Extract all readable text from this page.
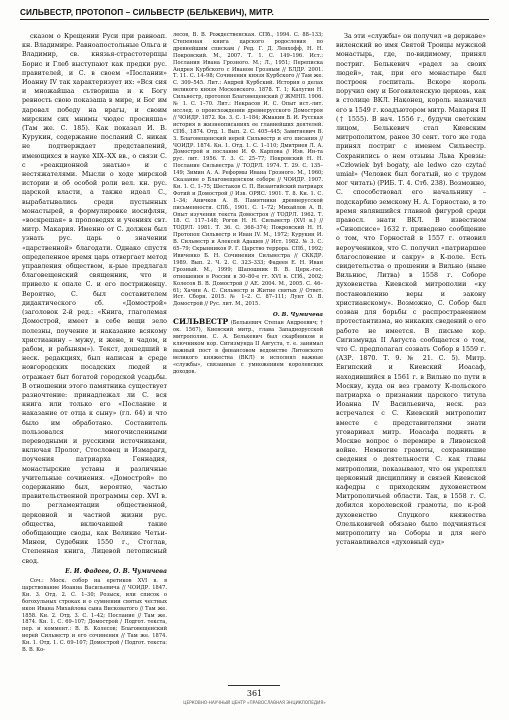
СИЛЬВЕСТР, ПРОТОПОП – СИЛЬВЕСТР (БЕЛЬКЕВИЧ), МИТР.

сказом о Крещении Руси при равноап. кн. Владимире. Равноапостольные Ольга и Владимир, св. князья-страстотерпцы Борис и Глеб выступают как предки рус. правителей, и С. в своем «Послании» Иоанну IV так характеризует их: «Вся сия и множайшаа сътвориша и к Богу ревность свою показаша в мире, и Бог им даровал победу на врагы, и своим мирским сих мнимы чюдес просияша» (Там же. С. 185). Как показал И. В. Курукин, содержание посланий С. никак не подтверждает представлений, имеющихся в науке XIX–XX вв., о связи С. с «реакционной знатью» и с нестяжателями. Мысли о ходе мирской истории и об особой роли вел. кн. рус. царской власти, а также идеал С., вырабатывались среди пустынных монастырей, в формулировке иосифлян, «воскрешая» в проповедях и учениях свт. митр. Макария. Именно от С. должен был узнать рус. царь о значении «царственной» благодати. Однако спустя определенное время царь отвергает метод управления обществом, к-рые предлагал благовещенский священник, что и привело к опале С. и его постриженцу. Вероятно, С. был составителем дидактического сб. «Домострой» (заголовок 2-й ред.: «Книга, глаголемая Домострой, имеет в себе вещи зело полезны, поучение и наказание всякому христианину – мужу, и жене, и чадом, и рабом, и рабыням»). Текст, дошедший в неск. редакциях, был написан в среде новгородских посадских людей и отражает быт богатой городской усадьбы. В отношении этого памятника существует разночтение: принадлежал ли С. вся книга или только его «Послание и наказание от отца к сыну» (гл. 64) и что было им обработано. Составитель пользовался многочисленными переводными и русскими источниками, включая Пролог, Стословец и Измарагд, поучения патриарха Геннадия, монастырские уставы и различные учительные сочинения. «Домострой» по содержанию был, вероятно, частью правительственной программы сер. XVI в. по регламентации общественной, церковной и частной жизни рус. общества, включавшей такие обобщающие своды, как Великие Четьи-Минеи, Судебник 1550 г., Стоглав, Степенная книга, Лицевой летописный свод.

Е. И. Фадеев, О. В. Чумичева

Соч.: Моск. собор на еретиков XVI в. в царствование Иоанна Васильевича // ЧОИДР. 1847. Кн. 3. Отд. 2. С. 1–30; Розыск, или список о богохульных строках и о сумнении святых честных икон Ивана Михайлова сына Висковатого // Там же. 1858. Кн. 2. Отд. 3. С. 1–42; Послание // Там же. 1874. Кн. 1. С. 69–107; Домострой / Подгот. текста, пер. и коммент.: В. В. Колесов; Благовещенский иерей Сильвестр и его сочинения // Там же. 1874. Кн. 1. Отд. 1. С. 69–107; Домострой / Подгот. текста: В. В. Ко-

лесов, В. В. Рождественская. СПб., 1994. С. 88–133; Степенная книга царского родословия по древнейшим спискам / Ред. Г. Д. Ленхофф, Н. Н. Покровский. М., 2007. Т. 1. С. 149–196. Ист.: Послания Ивана Грозного. М.; Л., 1951; Переписка Андрея Курбского с Иваном Грозным // БЛДР. 2001. Т. 11. С. 14–98; Сочинения князя Курбского // Там же. С. 309–545. Лит.: Андрей Курбский. История о делах великого князя Московского. 1878. Т. 1; Калугин Н. Сильвестр, протопоп Благовещенский // ЖМНП. 1906. № 1. С. 1–70. Лит.: Некрасов И. С. Опыт ист.-лит. исслед. о происхождении древнерусского Домостроя // ЧОИДР. 1872. Кн. 3. С. 1–184; Жмакин В. И. Русская история в жизнеописаниях ее главнейших деятелей. СПб., 1874. Отд. 1. Вып. 2. С. 405–445; Завитневич В. З. Благовещенский иерей Сильвестр и его писания // ЧОИДР. 1874. Кн. 1. Отд. 1. С. 1–110; Дмитриев Л. А. Домострой и послание И. Ф. Карпова // Изв. Ин-та рус. лит. 1956. Т. 3. С. 25–77; Покровский Н. Н. Послание Сильвестра // ТОДРЛ. 1974. Т. 29. С. 135–149; Зимин А. А. Реформы Ивана Грозного. М., 1960; Сказание о Благовещенском соборе // ЧОИДР. 1907. Кн. 1. С. 1–75; Шестаков С. П. Византийский патриарх Фотий и Домострой // Изв. ОРЯС. 1901. Т. 8. Кн. 1. С. 1–34; Аничков А. В. Памятники древнерусской письменности. СПб., 1901. С. 1–72; Михайлов А. В. Опыт изучения текста Домостроя // ТОДРЛ. 1962. Т. 18. С. 117–148; Рогов Н. Н. Сильвестр (XVI в.) // ТОДРЛ. 1981. Т. 36. С. 368–374; Покровский Н. Н. Протопоп Сильвестр и Иван IV. М., 1972; Курукин И. В. Сильвестр и Алексей Адашев // Ист. 1982. № 3. С. 65–79; Скрынников Р. Г. Царство террора. СПб., 1992; Ивиченко Б. Н. Сочинения Сильвестра // СККДР. 1989. Вып. 2. Ч. 2. С. 323–333; Фадеев Е. Н. Иван Грозный. М., 1999; Шапошник В. В. Церк.-гос. отношения в России в 30–80-е гг. XVI в. СПб., 2002; Колесов В. В. Домострой // АЕ. 2004. М., 2005. С. 46–61; Хачин А. С. Сильвестр и Житие святых // Ответ. Ист. Сборн. 2015. № 1–2. С. 87–111; Лунт О. В. Домострой // Рус. лит. М., 2015.

О. В. Чумичева

СИЛЬВЕСТР (Белькевич Степан Андреевич; † ок. 1567), Киевский митр., глава Западнорусской митрополии. С. А. Белькевич был скарбником и ключником кор. Сигизмунда II Августа, т. е. занимал важный пост в финансовом ведомстве Литовского великого княжества (ВКЛ) и исполнял важные «службы», связанные с умножением королевских доходов.

За эти «службы» он получил «в державе» виленский во имя Святой Троицы мужской монастырь, где, по-видимому, принял постриг. Белькевич «радел за своих людей», так, при его монастыре был построен госпиталь. Вскоре король поручил ему и Богоявленскую церковь, как в столице ВКЛ. Наконец, король назначил его в 1549 г. коадъютором митр. Макария II († 1555). В нач. 1556 г., будучи светским лицом, Белькевич стал Киевским митрополитом, ранее 30 сент. того же года принял постриг с именем Сильвестр. Сохранились о нем отзывы Льва Кревзы: «Człowiek był bogaty, ale ledwo czo czytać umiał» (Человек был богатый, но с трудом мог читать) (РИБ. Т. 4. Стб. 238). Возможно, С. способствовал его начальнику – подскарбию земскому Н. А. Горностаю, в то время являвшийся главной фигурой среди правосл. знати ВКЛ. В известном «Синопсисе» 1632 г. приведено сообщение о том, что Горностай в 1557 г. отновил вероучеников, что С. получил «патриаршее благословение и сакру» в К-поле. Есть свидетельства о прошении в Вильно (ныне Вильнюс, Литва) в 1558 г. Соборе духовенства Киевской митрополии «ку постановлению веры и закону христианскому». Возможно, С. Собор был созван для борьбы с распространением протестантизма, но никаких сведений о его работе не имеется. В письме кор. Сигизмунда II Августа сообщается о том, что С. предполагал созвать Собор в 1559 г. (АЗР. 1870. Т. 9. № 21. С. 5). Митр. Евгипский и Киевский Иоасаф, находившийся в 1561 г. в Вильно по пути в Москву, куда он вез грамоту К-польского патриарха о признании царского титула Иоанна IV Васильевича, неск. раз встречался с С. Киевский митрополит вместе с представителями знати уговаривал митр. Иоасафа поднять в Москве вопрос о перемире в Ливонской войне. Немногие грамоты, сохранившие сведения о деятельности С. как главы митрополии, показывают, что он укреплял церковный дисциплину и связей Киевской кафедры с приходским духовенством Митрополичьей области. Так, в 1558 г. С. добился королевской грамоты, по к-рой духовенство Слуцкого княжества Олельковичей обязано было подчиняться митрополиту на Соборы и для него устанавливался «духовный суд»

361
ЦЕРКОВНО-НАУЧНЫЙ ЦЕНТР «ПРАВОСЛАВНАЯ ЭНЦИКЛОПЕДИЯ»
